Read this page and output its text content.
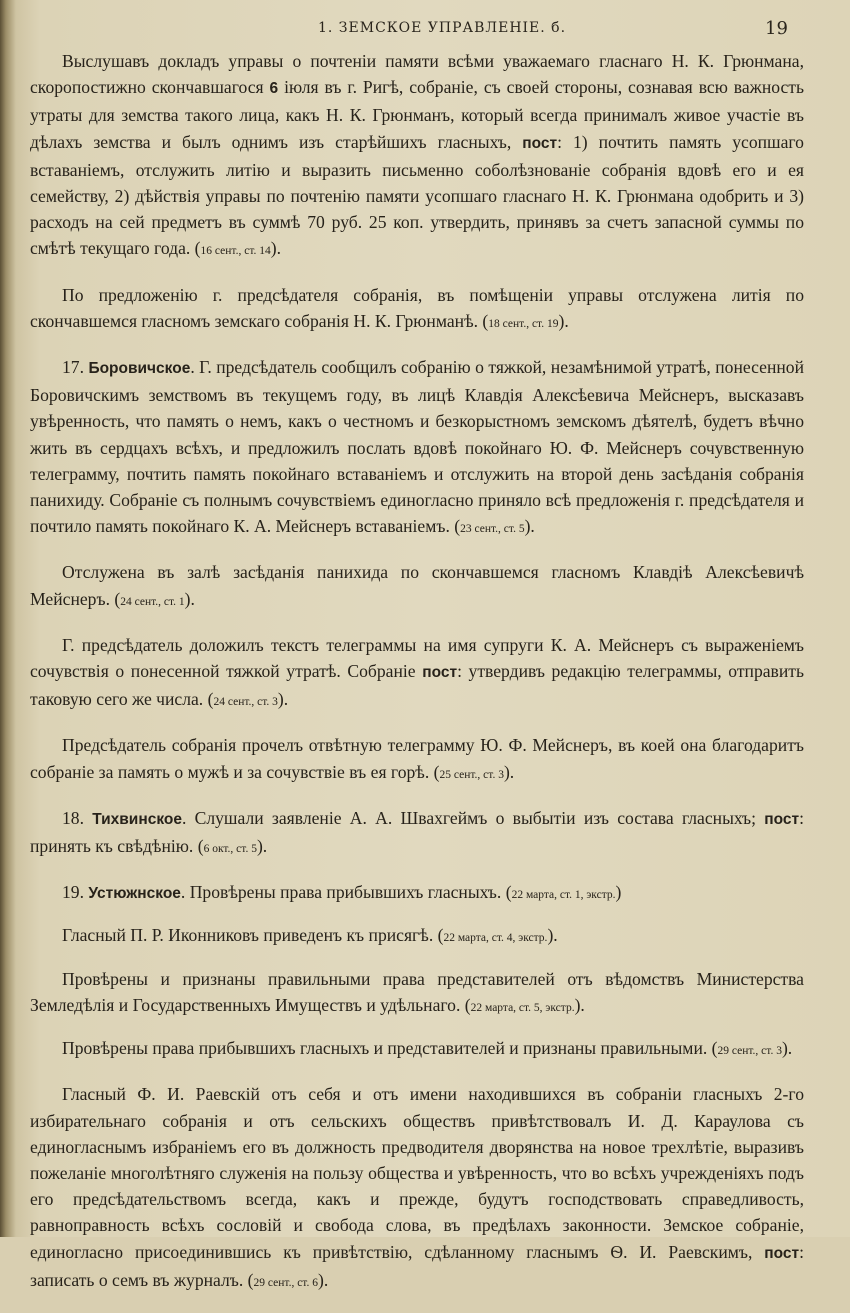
1. ЗЕМСКОЕ УПРАВЛЕНІЕ. б.	19

Выслушавъ докладъ управы о почтеніи памяти всѣми уважаемаго гласнаго Н. К. Грюнмана, скоропостижно скончавшагося 6 іюля въ г. Ригѣ, собраніе, съ своей стороны, сознавая всю важность утраты для земства такого лица, какъ Н. К. Грюнманъ, который всегда принималъ живое участіе въ дѣлахъ земства и былъ однимъ изъ старѣйшихъ гласныхъ, пост: 1) почтить память усопшаго вставаніемъ, отслужить литію и выразить письменно соболѣзнованіе собранія вдовѣ его и ея семейству, 2) дѣйствія управы по почтенію памяти усопшаго гласнаго Н. К. Грюнмана одобрить и 3) расходъ на сей предметъ въ суммѣ 70 руб. 25 коп. утвердить, принявъ за счетъ запасной суммы по смѣтѣ текущаго года. (16 сент., ст. 14).

По предложенію г. предсѣдателя собранія, въ помѣщеніи управы отслужена литія по скончавшемся гласномъ земскаго собранія Н. К. Грюнманѣ. (18 сент., ст. 19).

17. Боровичское. Г. предсѣдатель сообщилъ собранію о тяжкой, незамѣнимой утратѣ, понесенной Боровичскимъ земствомъ въ текущемъ году, въ лицѣ Клавдія Алексѣевича Мейснеръ, высказавъ увѣренность, что память о немъ, какъ о честномъ и безкорыстномъ земскомъ дѣятелѣ, будетъ вѣчно жить въ сердцахъ всѣхъ, и предложилъ послать вдовѣ покойнаго Ю. Ф. Мейснеръ сочувственную телеграмму, почтить память покойнаго вставаніемъ и отслужить на второй день засѣданія собранія панихиду. Собраніе съ полнымъ сочувствіемъ единогласно приняло всѣ предложенія г. предсѣдателя и почтило память покойнаго К. А. Мейснеръ вставаніемъ. (23 сент., ст. 5).

Отслужена въ залѣ засѣданія панихида по скончавшемся гласномъ Клавдіѣ Алексѣевичѣ Мейснеръ. (24 сент., ст. 1).

Г. предсѣдатель доложилъ текстъ телеграммы на имя супруги К. А. Мейснеръ съ выраженіемъ сочувствія о понесенной тяжкой утратѣ. Собраніе пост: утвердивъ редакцію телеграммы, отправить таковую сего же числа. (24 сент., ст. 3).

Предсѣдатель собранія прочелъ отвѣтную телеграмму Ю. Ф. Мейснеръ, въ коей она благодаритъ собраніе за память о мужѣ и за сочувствіе въ ея горѣ. (25 сент., ст. 3).

18. Тихвинское. Слушали заявленіе А. А. Швахгеймъ о выбытіи изъ состава гласныхъ; пост: принять къ свѣдѣнію. (6 окт., ст. 5).

19. Устюжнское. Провѣрены права прибывшихъ гласныхъ. (22 марта, ст. 1, экстр.)

Гласный П. Р. Иконниковъ приведенъ къ присягѣ. (22 марта, ст. 4, экстр.).

Провѣрены и признаны правильными права представителей отъ вѣдомствъ Министерства Земледѣлія и Государственныхъ Имуществъ и удѣльнаго. (22 марта, ст. 5, экстр.).

Провѣрены права прибывшихъ гласныхъ и представителей и признаны правильными. (29 сент., ст. 3).

Гласный Ф. И. Раевскій отъ себя и отъ имени находившихся въ собраніи гласныхъ 2-го избирательнаго собранія и отъ сельскихъ обществъ привѣтствовалъ И. Д. Караулова съ единогласнымъ избраніемъ его въ должность предводителя дворянства на новое трехлѣтіе, выразивъ пожеланіе многолѣтняго служенія на пользу общества и увѣренность, что во всѣхъ учрежденіяхъ подъ его предсѣдательствомъ всегда, какъ и прежде, будутъ господствовать справедливость, равноправность всѣхъ сословій и свобода слова, въ предѣлахъ законности. Земское собраніе, единогласно присоединившись къ привѣтствію, сдѣланному гласнымъ Ѳ. И. Раевскимъ, пост: записать о семъ въ журналъ. (29 сент., ст. 6).
